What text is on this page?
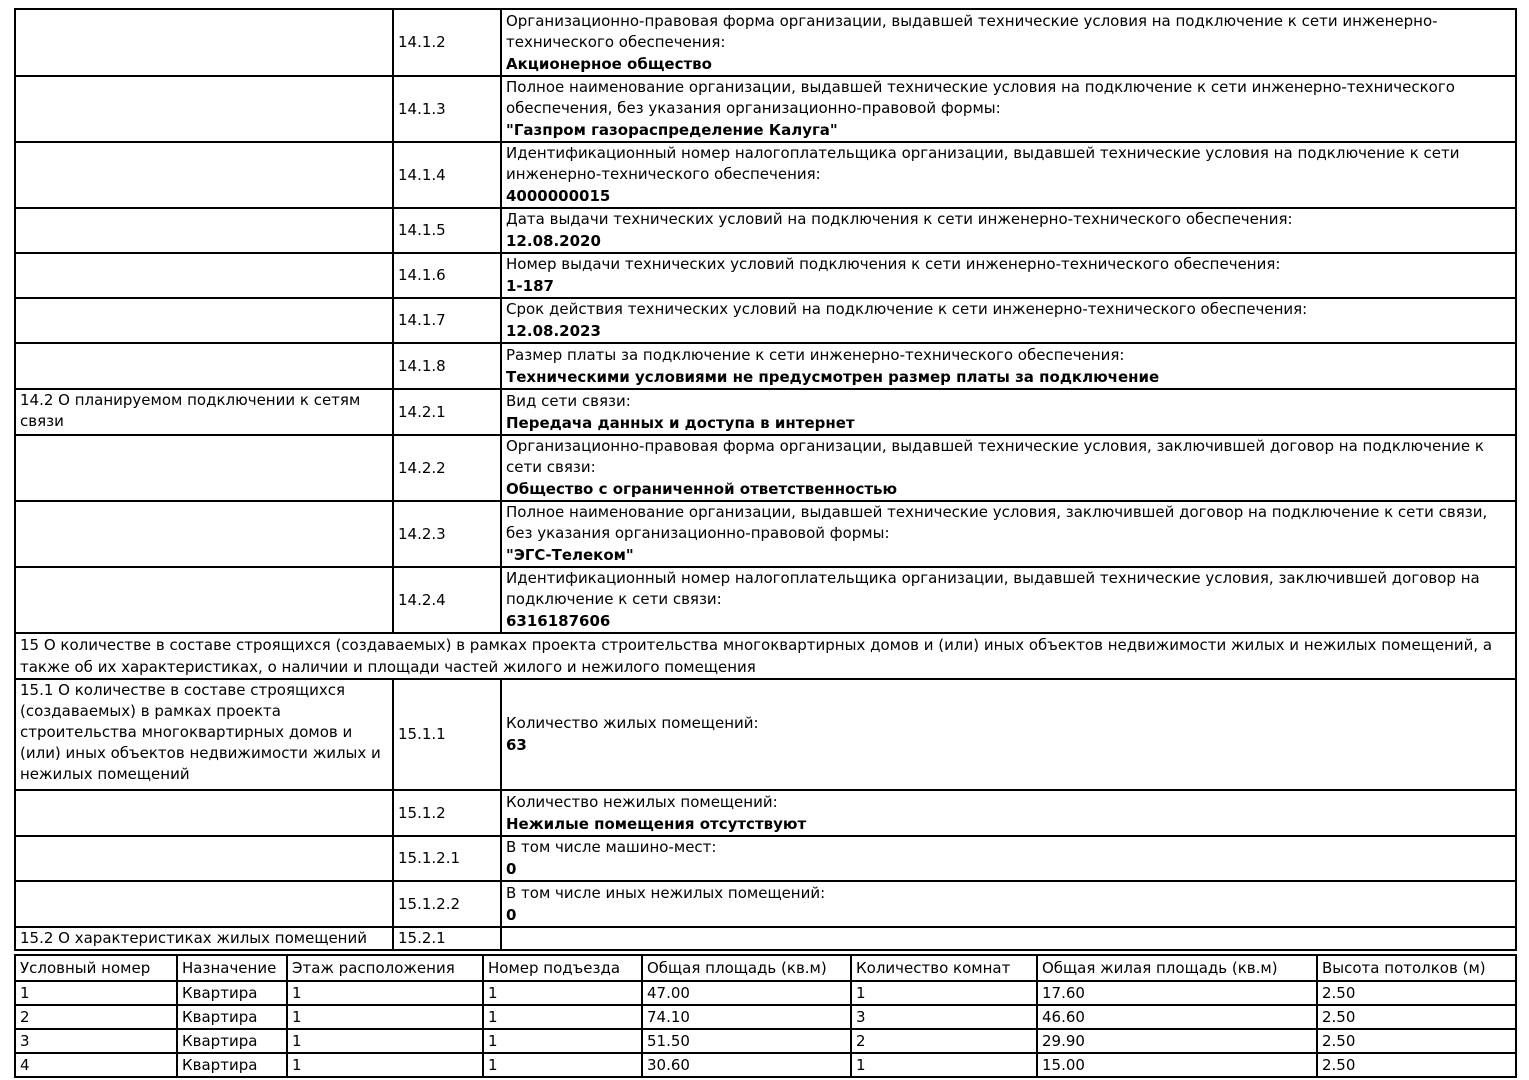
	14.1.2	Организационно-правовая форма организации, выдавшей технические условия на подключение к сети инженерно-технического обеспечения:
Акционерное общество

	14.1.3	Полное наименование организации, выдавшей технические условия на подключение к сети инженерно-технического обеспечения, без указания организационно-правовой формы:
"Газпром газораспределение Калуга"

	14.1.4	Идентификационный номер налогоплательщика организации, выдавшей технические условия на подключение к сети инженерно-технического обеспечения:
4000000015

	14.1.5	Дата выдачи технических условий на подключения к сети инженерно-технического обеспечения:
12.08.2020

	14.1.6	Номер выдачи технических условий подключения к сети инженерно-технического обеспечения:
1-187

	14.1.7	Срок действия технических условий на подключение к сети инженерно-технического обеспечения:
12.08.2023

	14.1.8	Размер платы за подключение к сети инженерно-технического обеспечения:
Техническими условиями не предусмотрен размер платы за подключение

14.2 О планируемом подключении к сетям связи	14.2.1	Вид сети связи:
Передача данных и доступа в интернет

	14.2.2	Организационно-правовая форма организации, выдавшей технические условия, заключившей договор на подключение к сети связи:
Общество с ограниченной ответственностью

	14.2.3	Полное наименование организации, выдавшей технические условия, заключившей договор на подключение к сети связи, без указания организационно-правовой формы:
"ЭГС-Телеком"

	14.2.4	Идентификационный номер налогоплательщика организации, выдавшей технические условия, заключившей договор на подключение к сети связи:
6316187606

15 О количестве в составе строящихся (создаваемых) в рамках проекта строительства многоквартирных домов и (или) иных объектов недвижимости жилых и нежилых помещений, а также об их характеристиках, о наличии и площади частей жилого и нежилого помещения		
15.1 О количестве в составе строящихся (создаваемых) в рамках проекта строительства многоквартирных домов и (или) иных объектов недвижимости жилых и нежилых помещений	15.1.1	Количество жилых помещений:
63

	15.1.2	Количество нежилых помещений:
Нежилые помещения отсутствуют

	15.1.2.1	В том числе машино-мест:
0

	15.1.2.2	В том числе иных нежилых помещений:
0

15.2 О характеристиках жилых помещений	15.2.1	
Условный номер	Назначение	Этаж расположения	Номер подъезда	Общая площадь (кв.м)	Количество комнат	Общая жилая площадь (кв.м)	Высота потолков (м)
1	Квартира	1	1	47.00	1	17.60	2.50
2	Квартира	1	1	74.10	3	46.60	2.50
3	Квартира	1	1	51.50	2	29.90	2.50
4	Квартира	1	1	30.60	1	15.00	2.50
